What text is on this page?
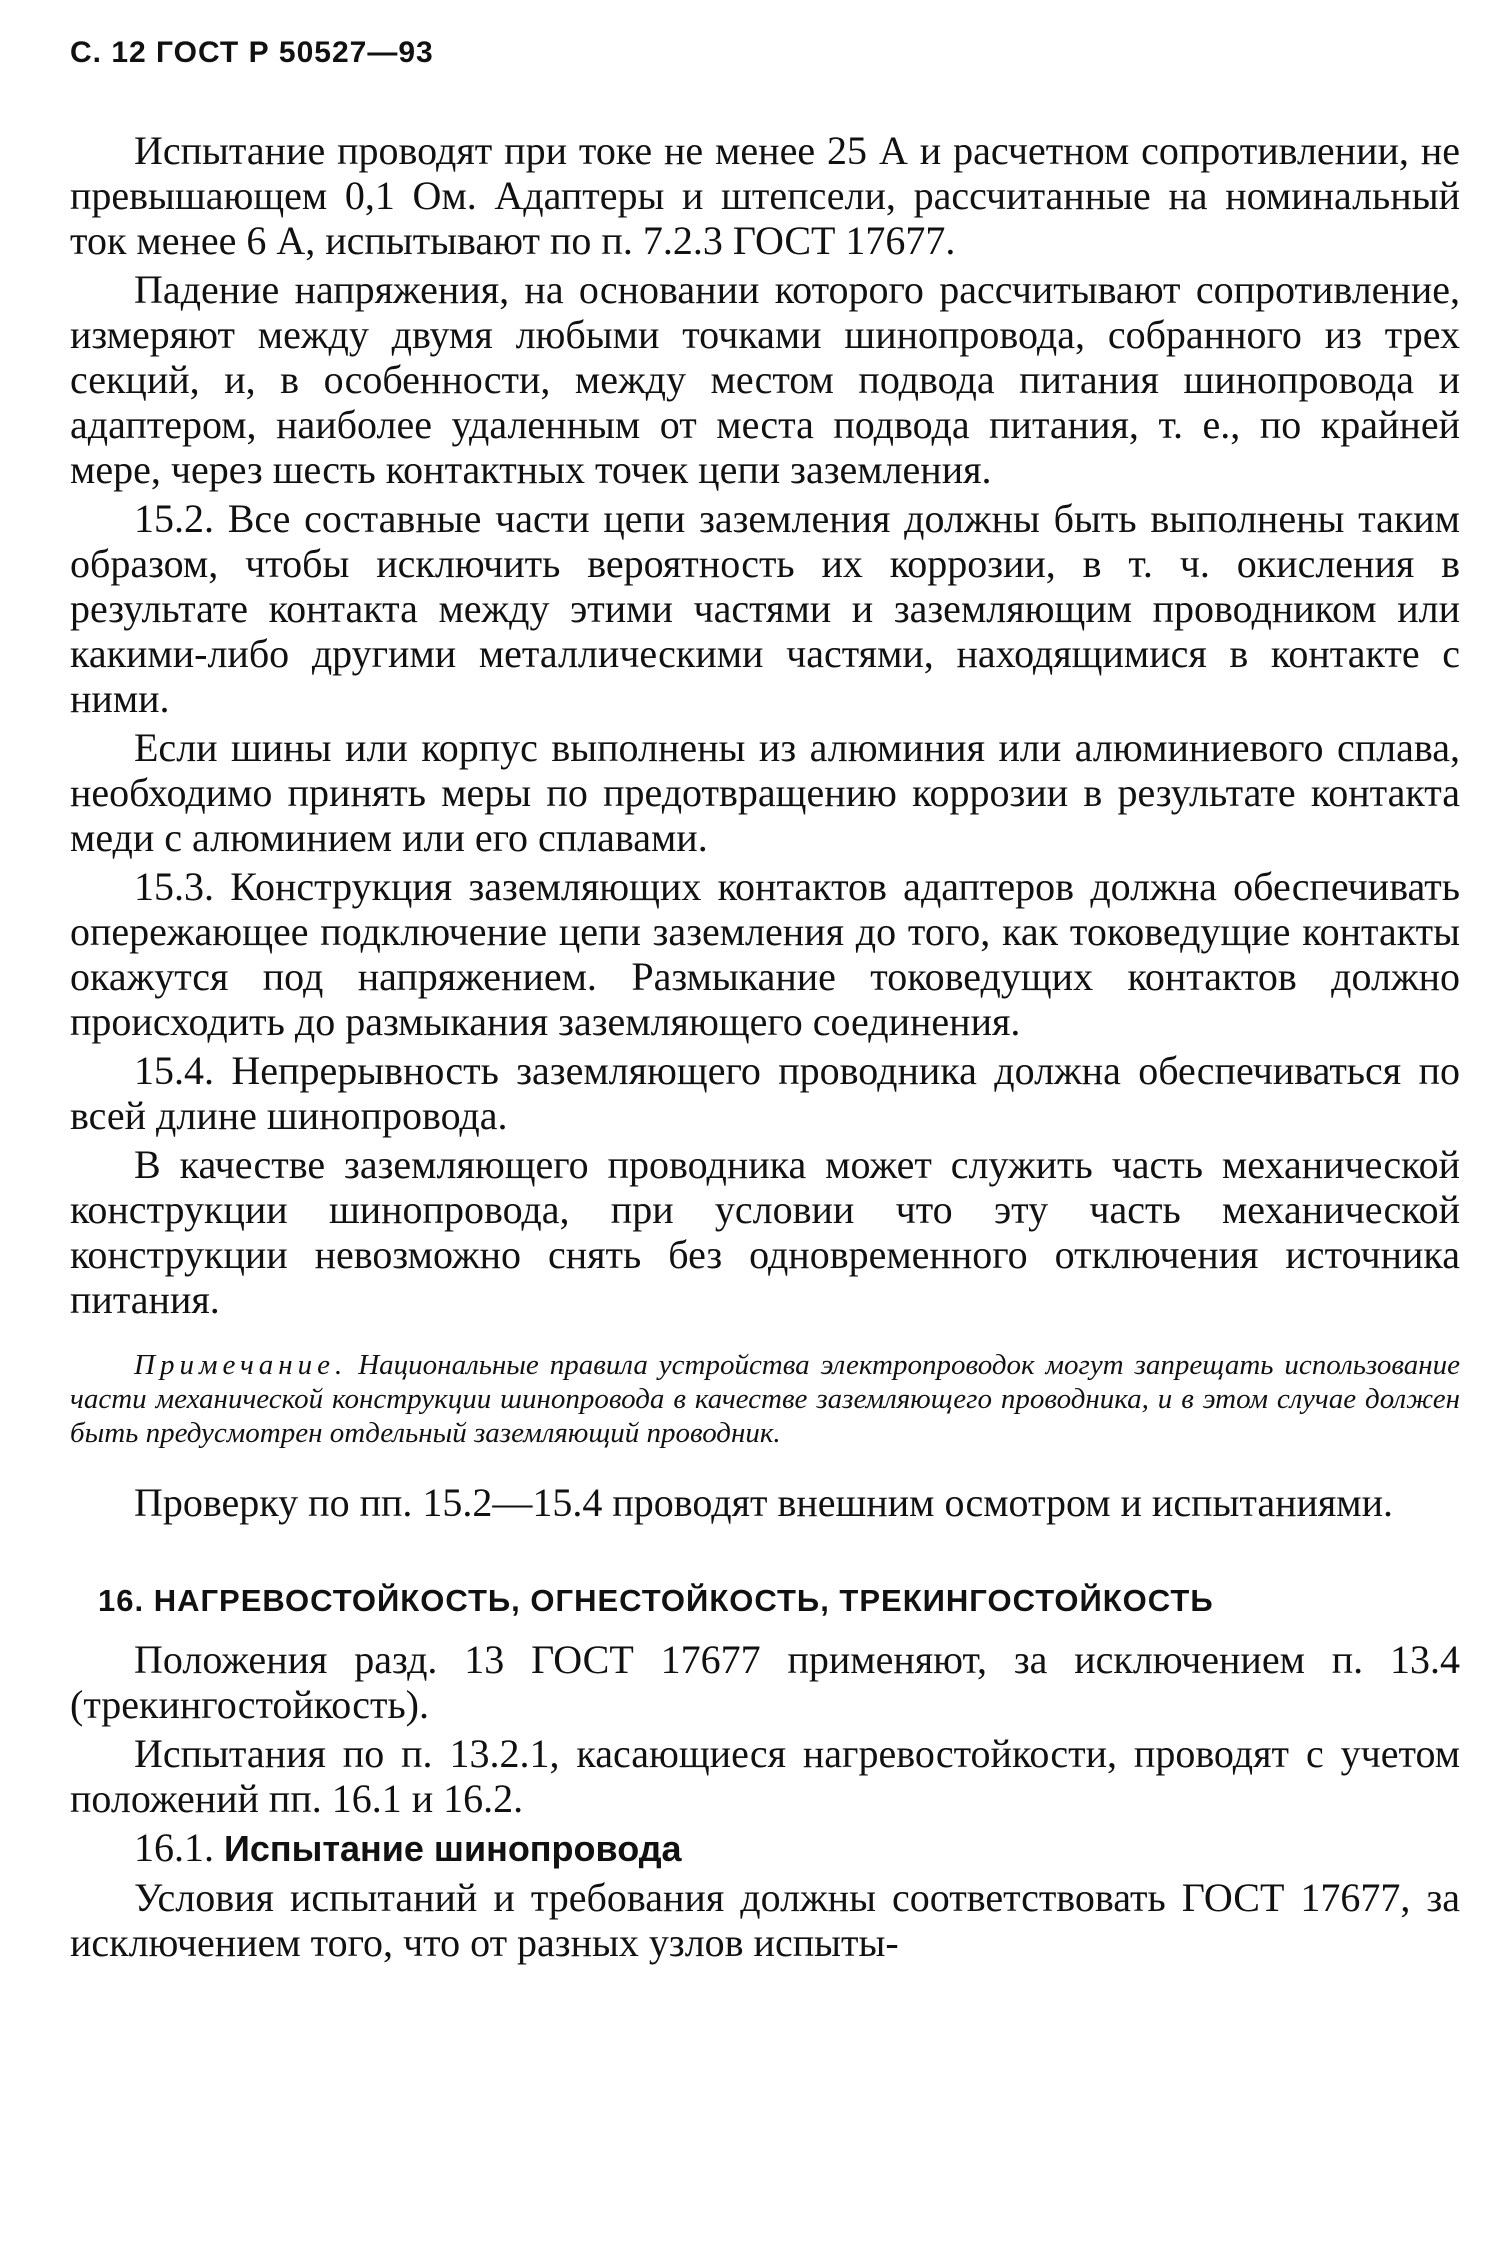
С. 12 ГОСТ Р 50527—93

Испытание проводят при токе не менее 25 А и расчетном сопротивлении, не превышающем 0,1 Ом. Адаптеры и штепсели, рассчитанные на номинальный ток менее 6 А, испытывают по п. 7.2.3 ГОСТ 17677.

Падение напряжения, на основании которого рассчитывают сопротивление, измеряют между двумя любыми точками шинопровода, собранного из трех секций, и, в особенности, между местом подвода питания шинопровода и адаптером, наиболее удаленным от места подвода питания, т. е., по крайней мере, через шесть контактных точек цепи заземления.

15.2. Все составные части цепи заземления должны быть выполнены таким образом, чтобы исключить вероятность их коррозии, в т. ч. окисления в результате контакта между этими частями и заземляющим проводником или какими-либо другими металлическими частями, находящимися в контакте с ними.

Если шины или корпус выполнены из алюминия или алюминиевого сплава, необходимо принять меры по предотвращению коррозии в результате контакта меди с алюминием или его сплавами.

15.3. Конструкция заземляющих контактов адаптеров должна обеспечивать опережающее подключение цепи заземления до того, как токоведущие контакты окажутся под напряжением. Размыкание токоведущих контактов должно происходить до размыкания заземляющего соединения.

15.4. Непрерывность заземляющего проводника должна обеспечиваться по всей длине шинопровода.

В качестве заземляющего проводника может служить часть механической конструкции шинопровода, при условии что эту часть механической конструкции невозможно снять без одновременного отключения источника питания.

Примечание. Национальные правила устройства электропроводок могут запрещать использование части механической конструкции шинопровода в качестве заземляющего проводника, и в этом случае должен быть предусмотрен отдельный заземляющий проводник.

Проверку по пп. 15.2—15.4 проводят внешним осмотром и испытаниями.

16. НАГРЕВОСТОЙКОСТЬ, ОГНЕСТОЙКОСТЬ, ТРЕКИНГОСТОЙКОСТЬ

Положения разд. 13 ГОСТ 17677 применяют, за исключением п. 13.4 (трекингостойкость).

Испытания по п. 13.2.1, касающиеся нагревостойкости, проводят с учетом положений пп. 16.1 и 16.2.

16.1. Испытание шинопровода

Условия испытаний и требования должны соответствовать ГОСТ 17677, за исключением того, что от разных узлов испыты-
